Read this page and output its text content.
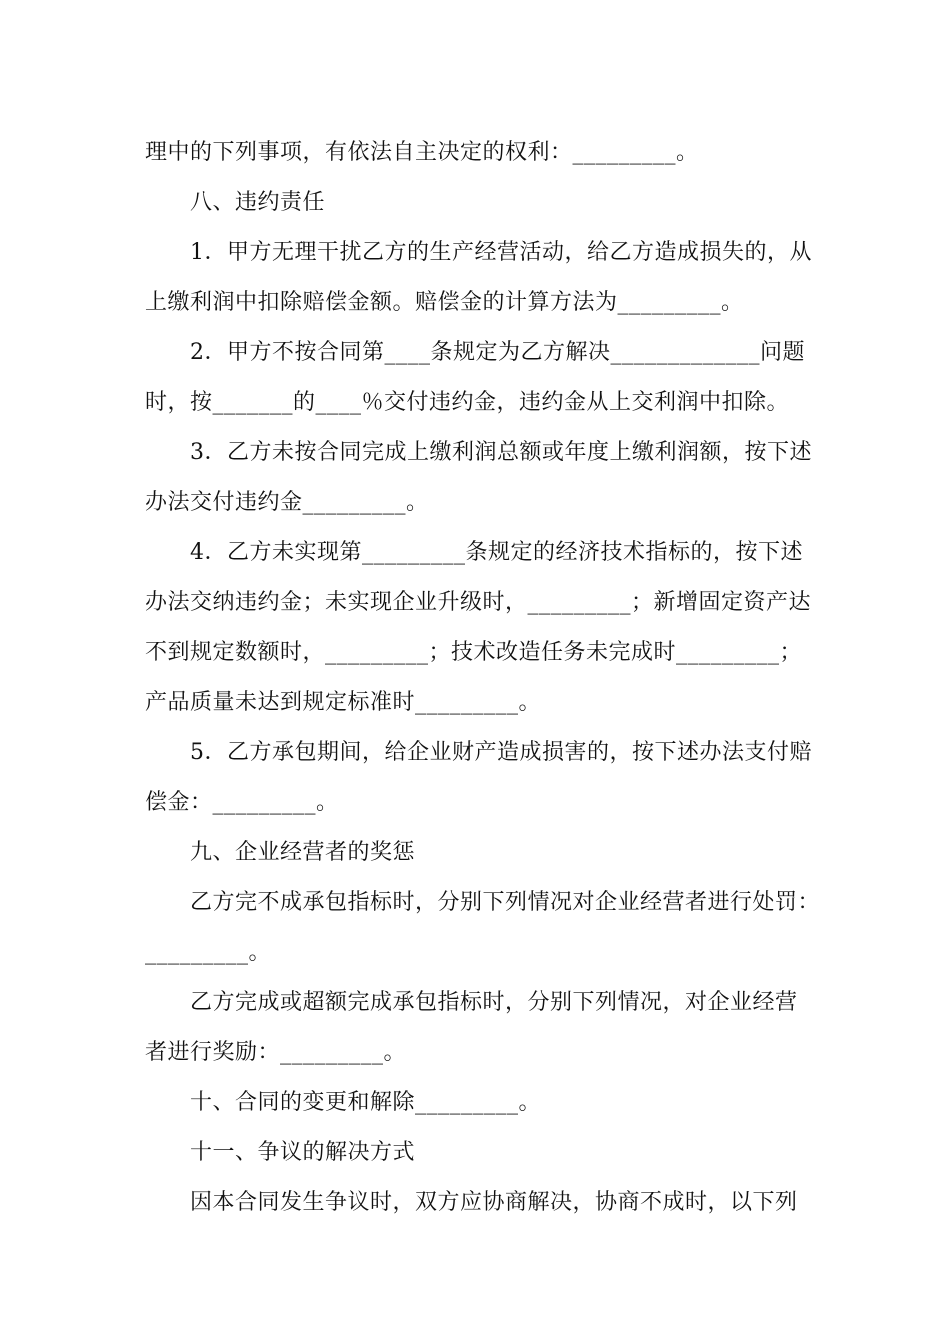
理中的下列事项，有依法自主决定的权利：_________。
八、违约责任
1．甲方无理干扰乙方的生产经营活动，给乙方造成损失的，从
上缴利润中扣除赔偿金额。赔偿金的计算方法为_________。
2．甲方不按合同第____条规定为乙方解决_____________问题
时，按_______的____％交付违约金，违约金从上交利润中扣除。
3．乙方未按合同完成上缴利润总额或年度上缴利润额，按下述
办法交付违约金_________。
4．乙方未实现第_________条规定的经济技术指标的，按下述
办法交纳违约金；未实现企业升级时，_________；新增固定资产达
不到规定数额时，_________；技术改造任务未完成时_________；
产品质量未达到规定标准时_________。
5．乙方承包期间，给企业财产造成损害的，按下述办法支付赔
偿金：_________。
九、企业经营者的奖惩
乙方完不成承包指标时，分别下列情况对企业经营者进行处罚：
_________。
乙方完成或超额完成承包指标时，分别下列情况，对企业经营
者进行奖励：_________。
十、合同的变更和解除_________。
十一、争议的解决方式
因本合同发生争议时，双方应协商解决，协商不成时，以下列
